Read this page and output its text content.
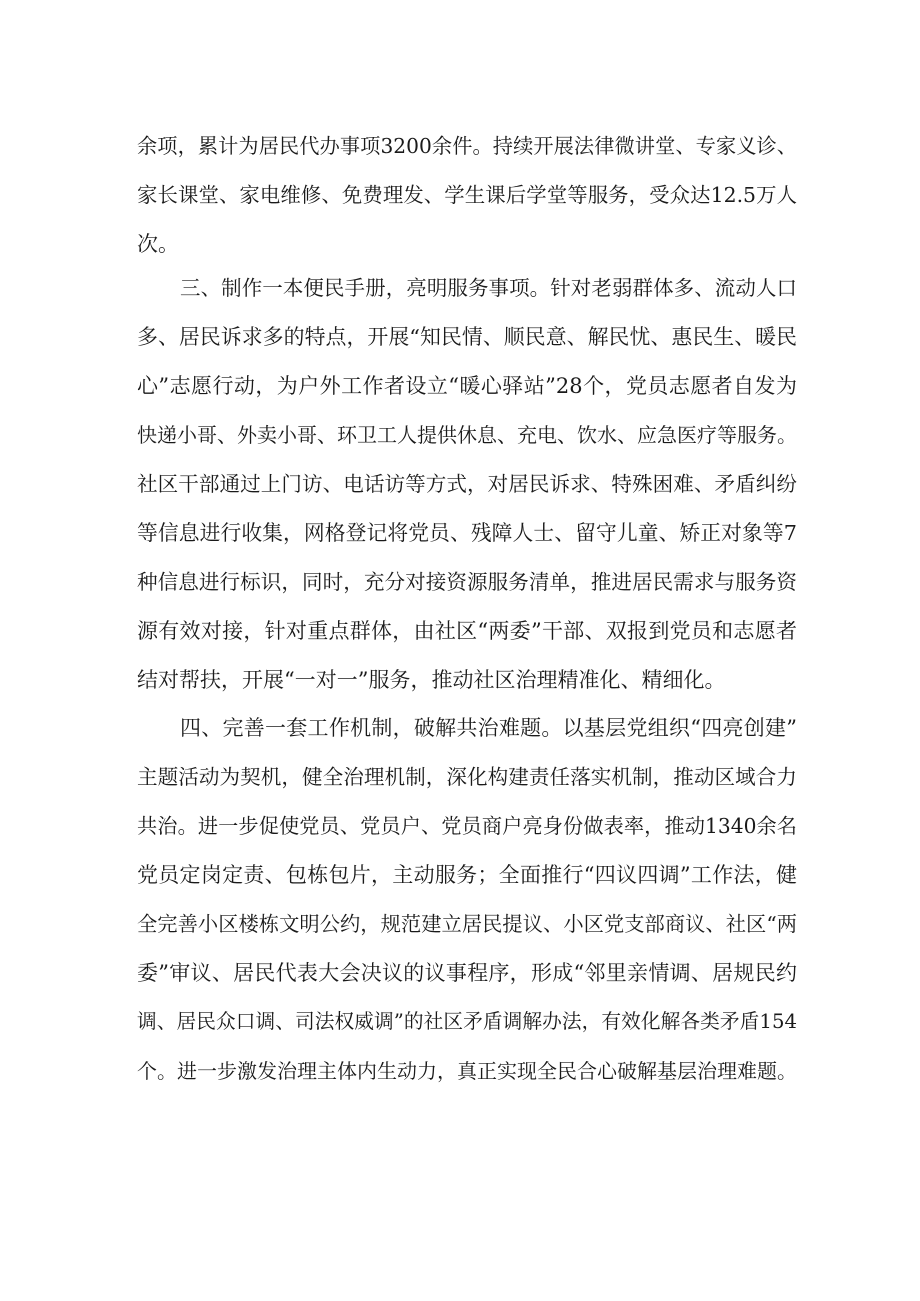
余项，累计为居民代办事项3200余件。持续开展法律微讲堂、专家义诊、
家长课堂、家电维修、免费理发、学生课后学堂等服务，受众达12.5万人
次。
三、制作一本便民手册，亮明服务事项。针对老弱群体多、流动人口
多、居民诉求多的特点，开展“知民情、顺民意、解民忧、惠民生、暖民
心”志愿行动，为户外工作者设立“暖心驿站”28个，党员志愿者自发为
快递小哥、外卖小哥、环卫工人提供休息、充电、饮水、应急医疗等服务。
社区干部通过上门访、电话访等方式，对居民诉求、特殊困难、矛盾纠纷
等信息进行收集，网格登记将党员、残障人士、留守儿童、矫正对象等7
种信息进行标识，同时，充分对接资源服务清单，推进居民需求与服务资
源有效对接，针对重点群体，由社区“两委”干部、双报到党员和志愿者
结对帮扶，开展“一对一”服务，推动社区治理精准化、精细化。
四、完善一套工作机制，破解共治难题。以基层党组织“四亮创建”
主题活动为契机，健全治理机制，深化构建责任落实机制，推动区域合力
共治。进一步促使党员、党员户、党员商户亮身份做表率，推动1340余名
党员定岗定责、包栋包片，主动服务；全面推行“四议四调”工作法，健
全完善小区楼栋文明公约，规范建立居民提议、小区党支部商议、社区“两
委”审议、居民代表大会决议的议事程序，形成“邻里亲情调、居规民约
调、居民众口调、司法权威调”的社区矛盾调解办法，有效化解各类矛盾154
个。进一步激发治理主体内生动力，真正实现全民合心破解基层治理难题。
